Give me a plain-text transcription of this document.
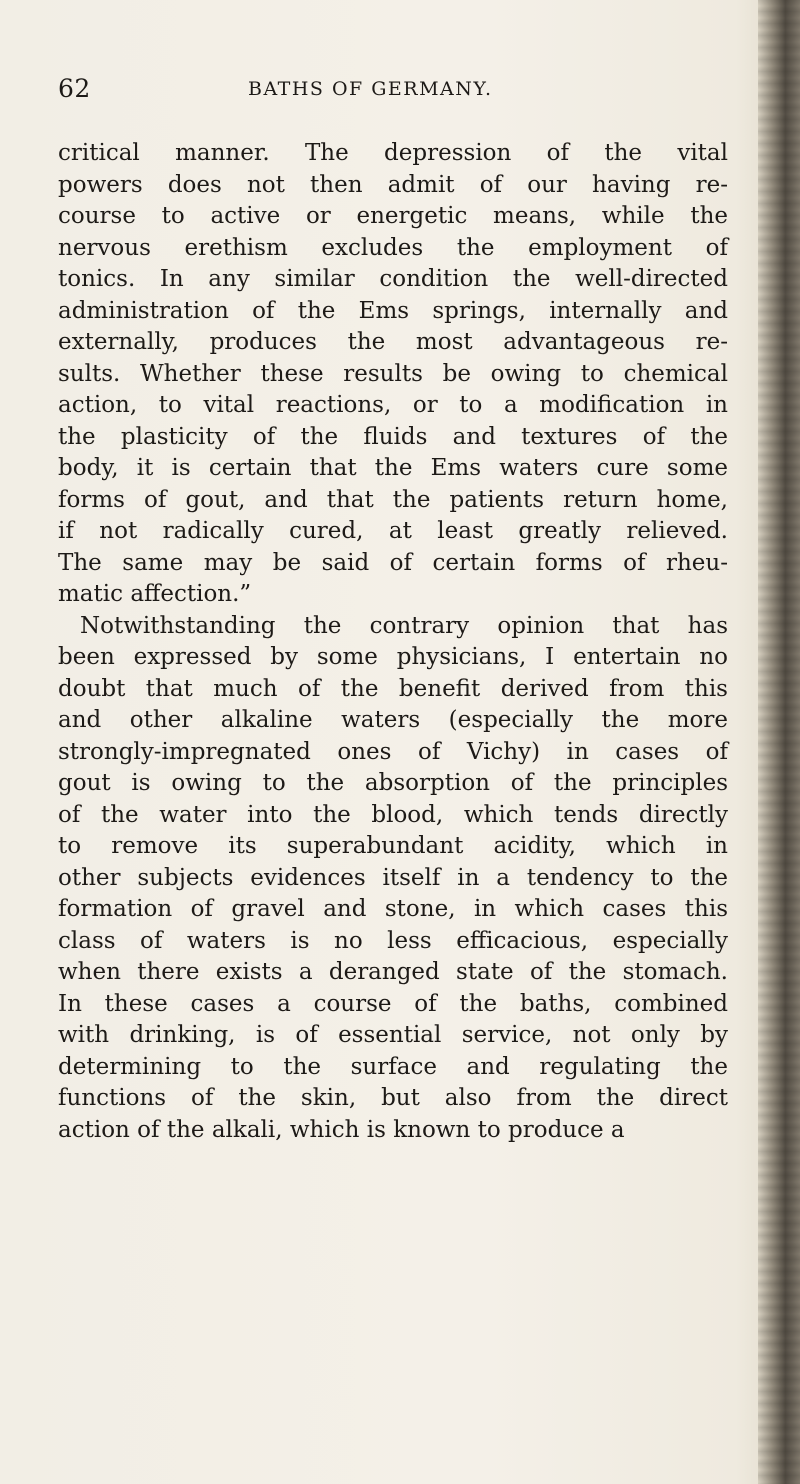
62	BATHS OF GERMANY.
critical manner. The depression of the vital
powers does not then admit of our having re-
course to active or energetic means, while the
nervous erethism excludes the employment of
tonics. In any similar condition the well-directed
administration of the Ems springs, internally and
externally, produces the most advantageous re-
sults. Whether these results be owing to chemical
action, to vital reactions, or to a modification in
the plasticity of the fluids and textures of the
body, it is certain that the Ems waters cure some
forms of gout, and that the patients return home,
if not radically cured, at least greatly relieved.
The same may be said of certain forms of rheu-
matic affection.”
Notwithstanding the contrary opinion that has
been expressed by some physicians, I entertain no
doubt that much of the benefit derived from this
and other alkaline waters (especially the more
strongly-impregnated ones of Vichy) in cases of
gout is owing to the absorption of the principles
of the water into the blood, which tends directly
to remove its superabundant acidity, which in
other subjects evidences itself in a tendency to the
formation of gravel and stone, in which cases this
class of waters is no less efficacious, especially
when there exists a deranged state of the stomach.
In these cases a course of the baths, combined
with drinking, is of essential service, not only by
determining to the surface and regulating the
functions of the skin, but also from the direct
action of the alkali, which is known to produce a
